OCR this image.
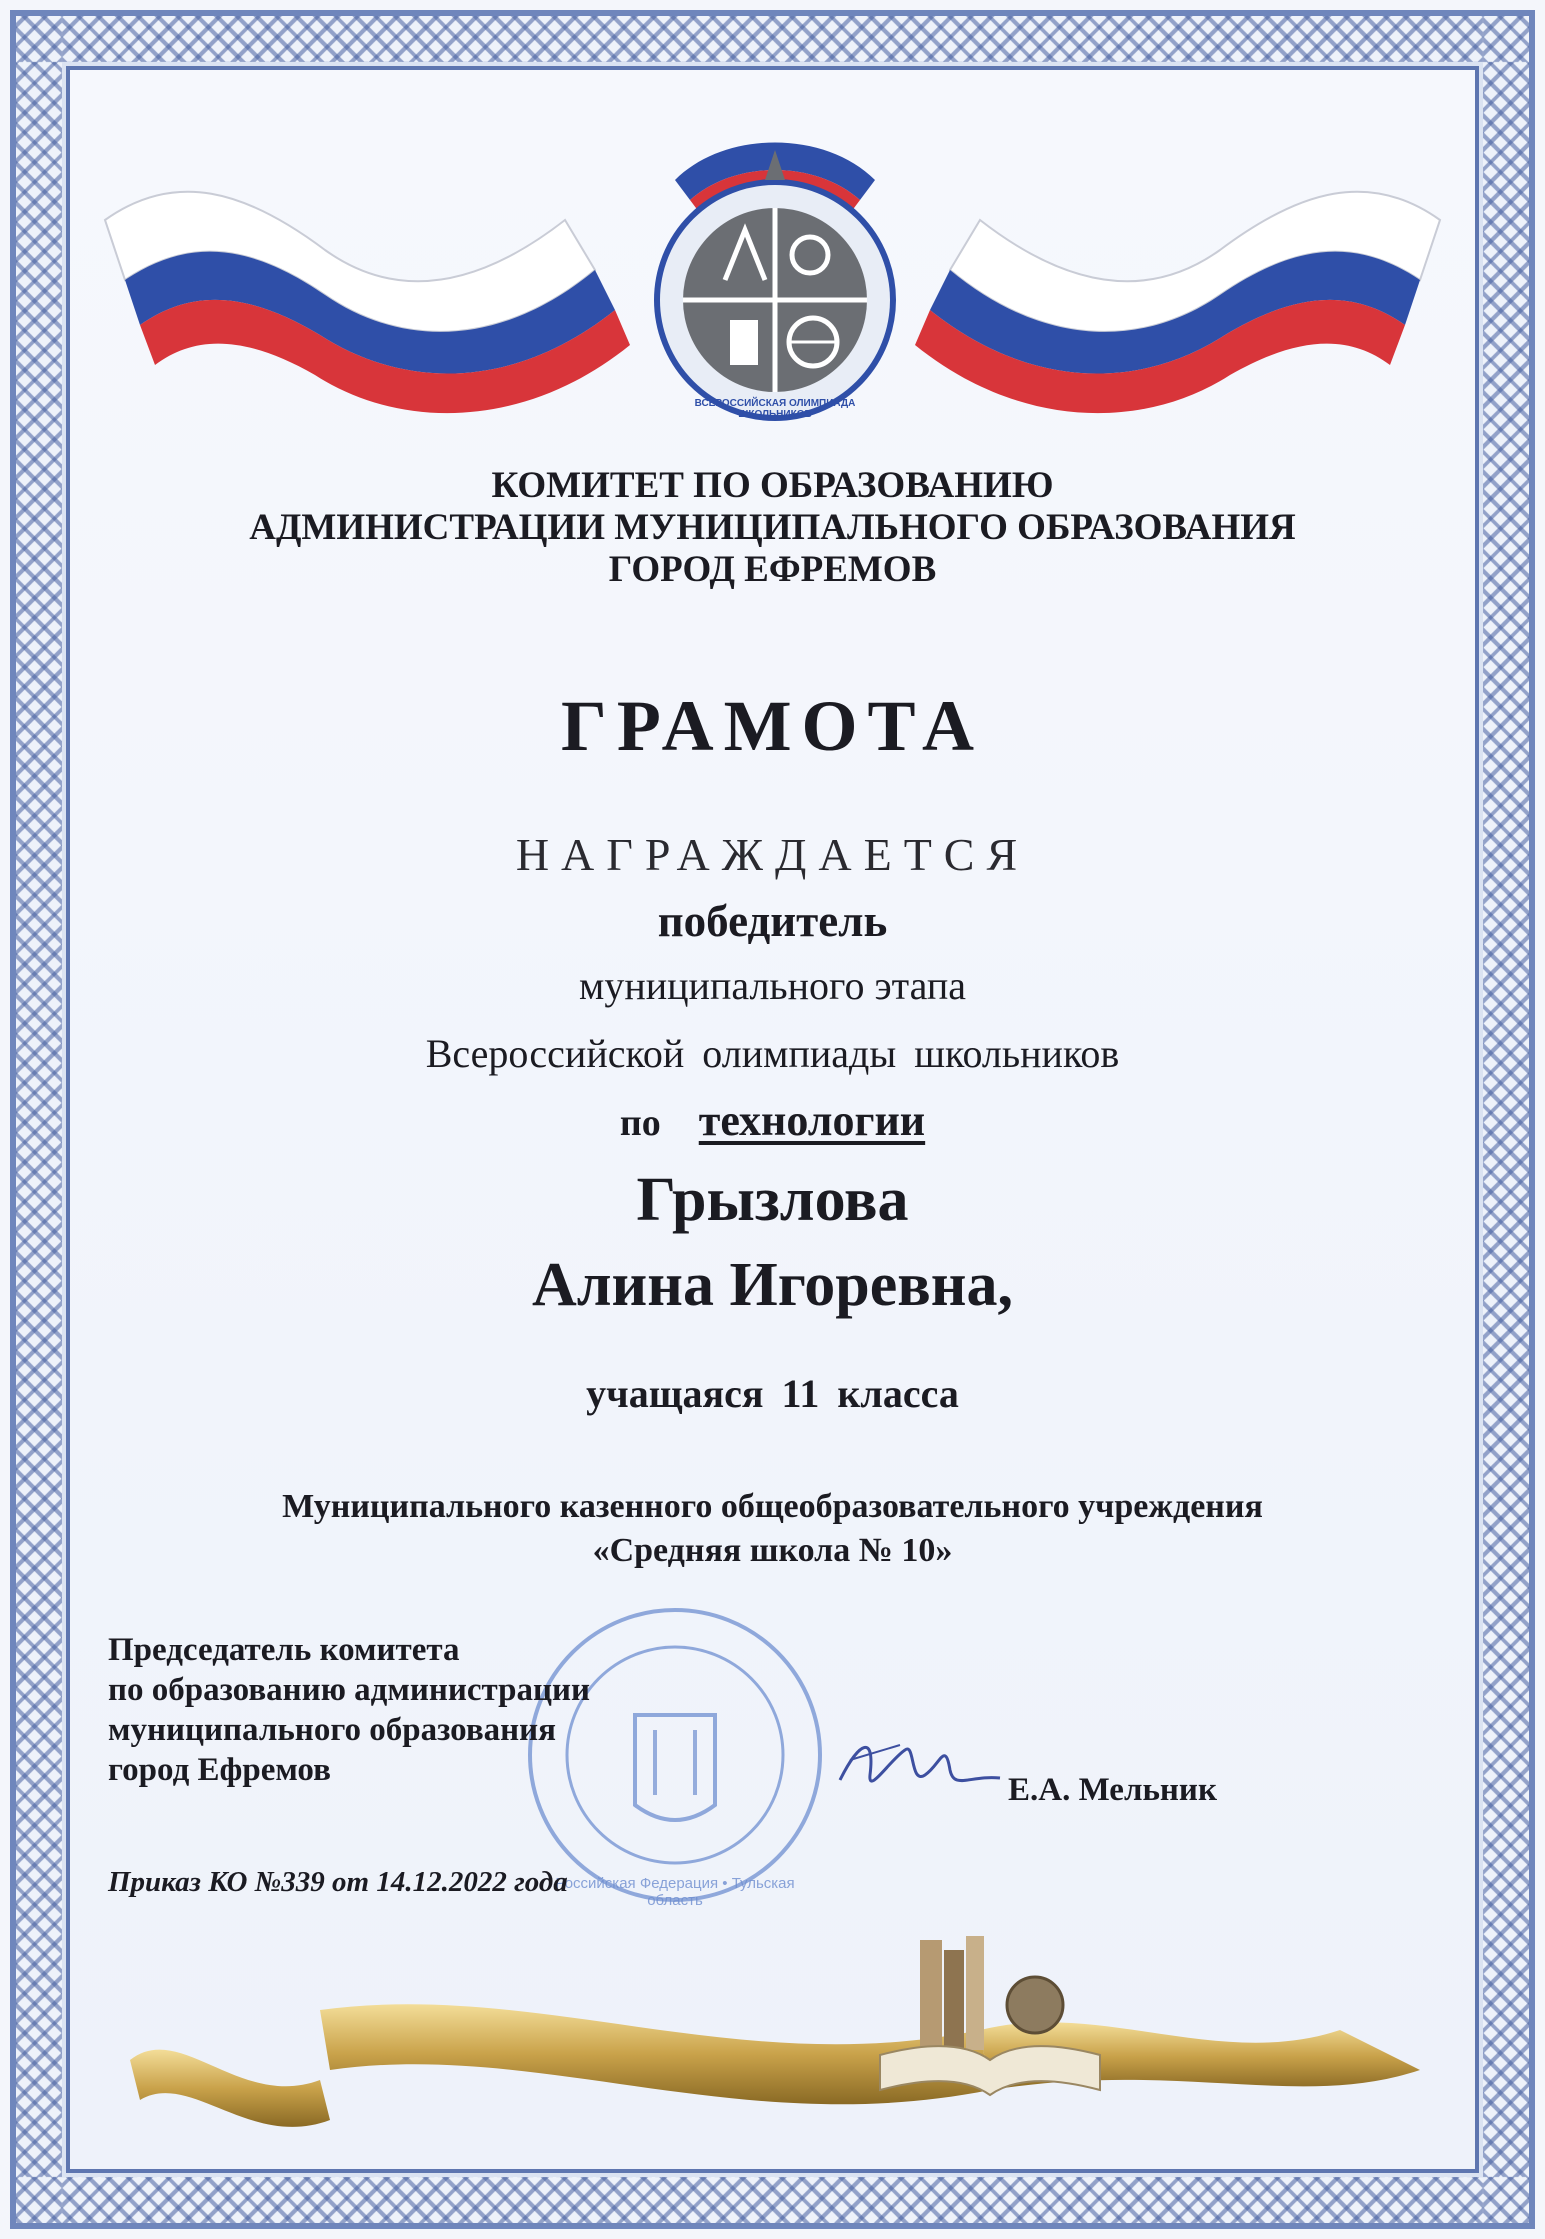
ВСЕРОССИЙСКАЯ ОЛИМПИАДА ШКОЛЬНИКОВ
КОМИТЕТ ПО ОБРАЗОВАНИЮ
АДМИНИСТРАЦИИ МУНИЦИПАЛЬНОГО ОБРАЗОВАНИЯ
ГОРОД ЕФРЕМОВ
ГРАМОТА
НАГРАЖДАЕТСЯ
победитель
муниципального этапа
Всероссийской олимпиады школьников
по технологии
Грызлова
Алина Игоревна,
учащаяся 11 класса
Муниципального казенного общеобразовательного учреждения
«Средняя школа № 10»
Российская Федерация • Тульская область
Председатель комитета
по образованию администрации
муниципального образования
город Ефремов
Е.А. Мельник
Приказ КО №339 от 14.12.2022 года
